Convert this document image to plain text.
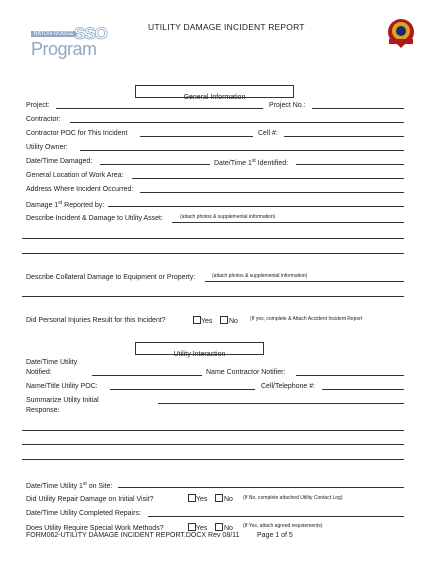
UTILITY DAMAGE INCIDENT REPORT
BATON ROUGE SSO
Program
General Information
Project:	Project No.:
Contractor:
Contractor POC for This Incident	Cell #:
Utility Owner:
Date/Time Damaged:	Date/Time 1st Identified:
General Location of Work Area:
Address Where Incident Occurred:
Damage 1st Reported by:
Describe Incident & Damage to Utility Asset:	(attach photos & supplemental information)
Describe Collateral Damage to Equipment or Property:	(attach photos & supplemental information)
Did Personal Injuries Result for this Incident?	Yes No (If yes, complete & Attach Accident Incident Report
Utility Interaction
Date/Time Utility
Notified:	Name Contractor Notifier:
Name/Title Utility POC:	Cell/Telephone #:
Summarize Utility Initial
Response:
Date/Time Utility 1st on Site:
Did Utility Repair Damage on Initial Visit?	Yes No (If No, complete attached Utility Contact Log)
Date/Time Utility Completed Repairs:
Does Utility Require Special Work Methods?	Yes No (If Yes, attach agreed requirements)
FORM062-UTILITY DAMAGE INCIDENT REPORT.DOCX Rev 08/11	Page 1 of 5
